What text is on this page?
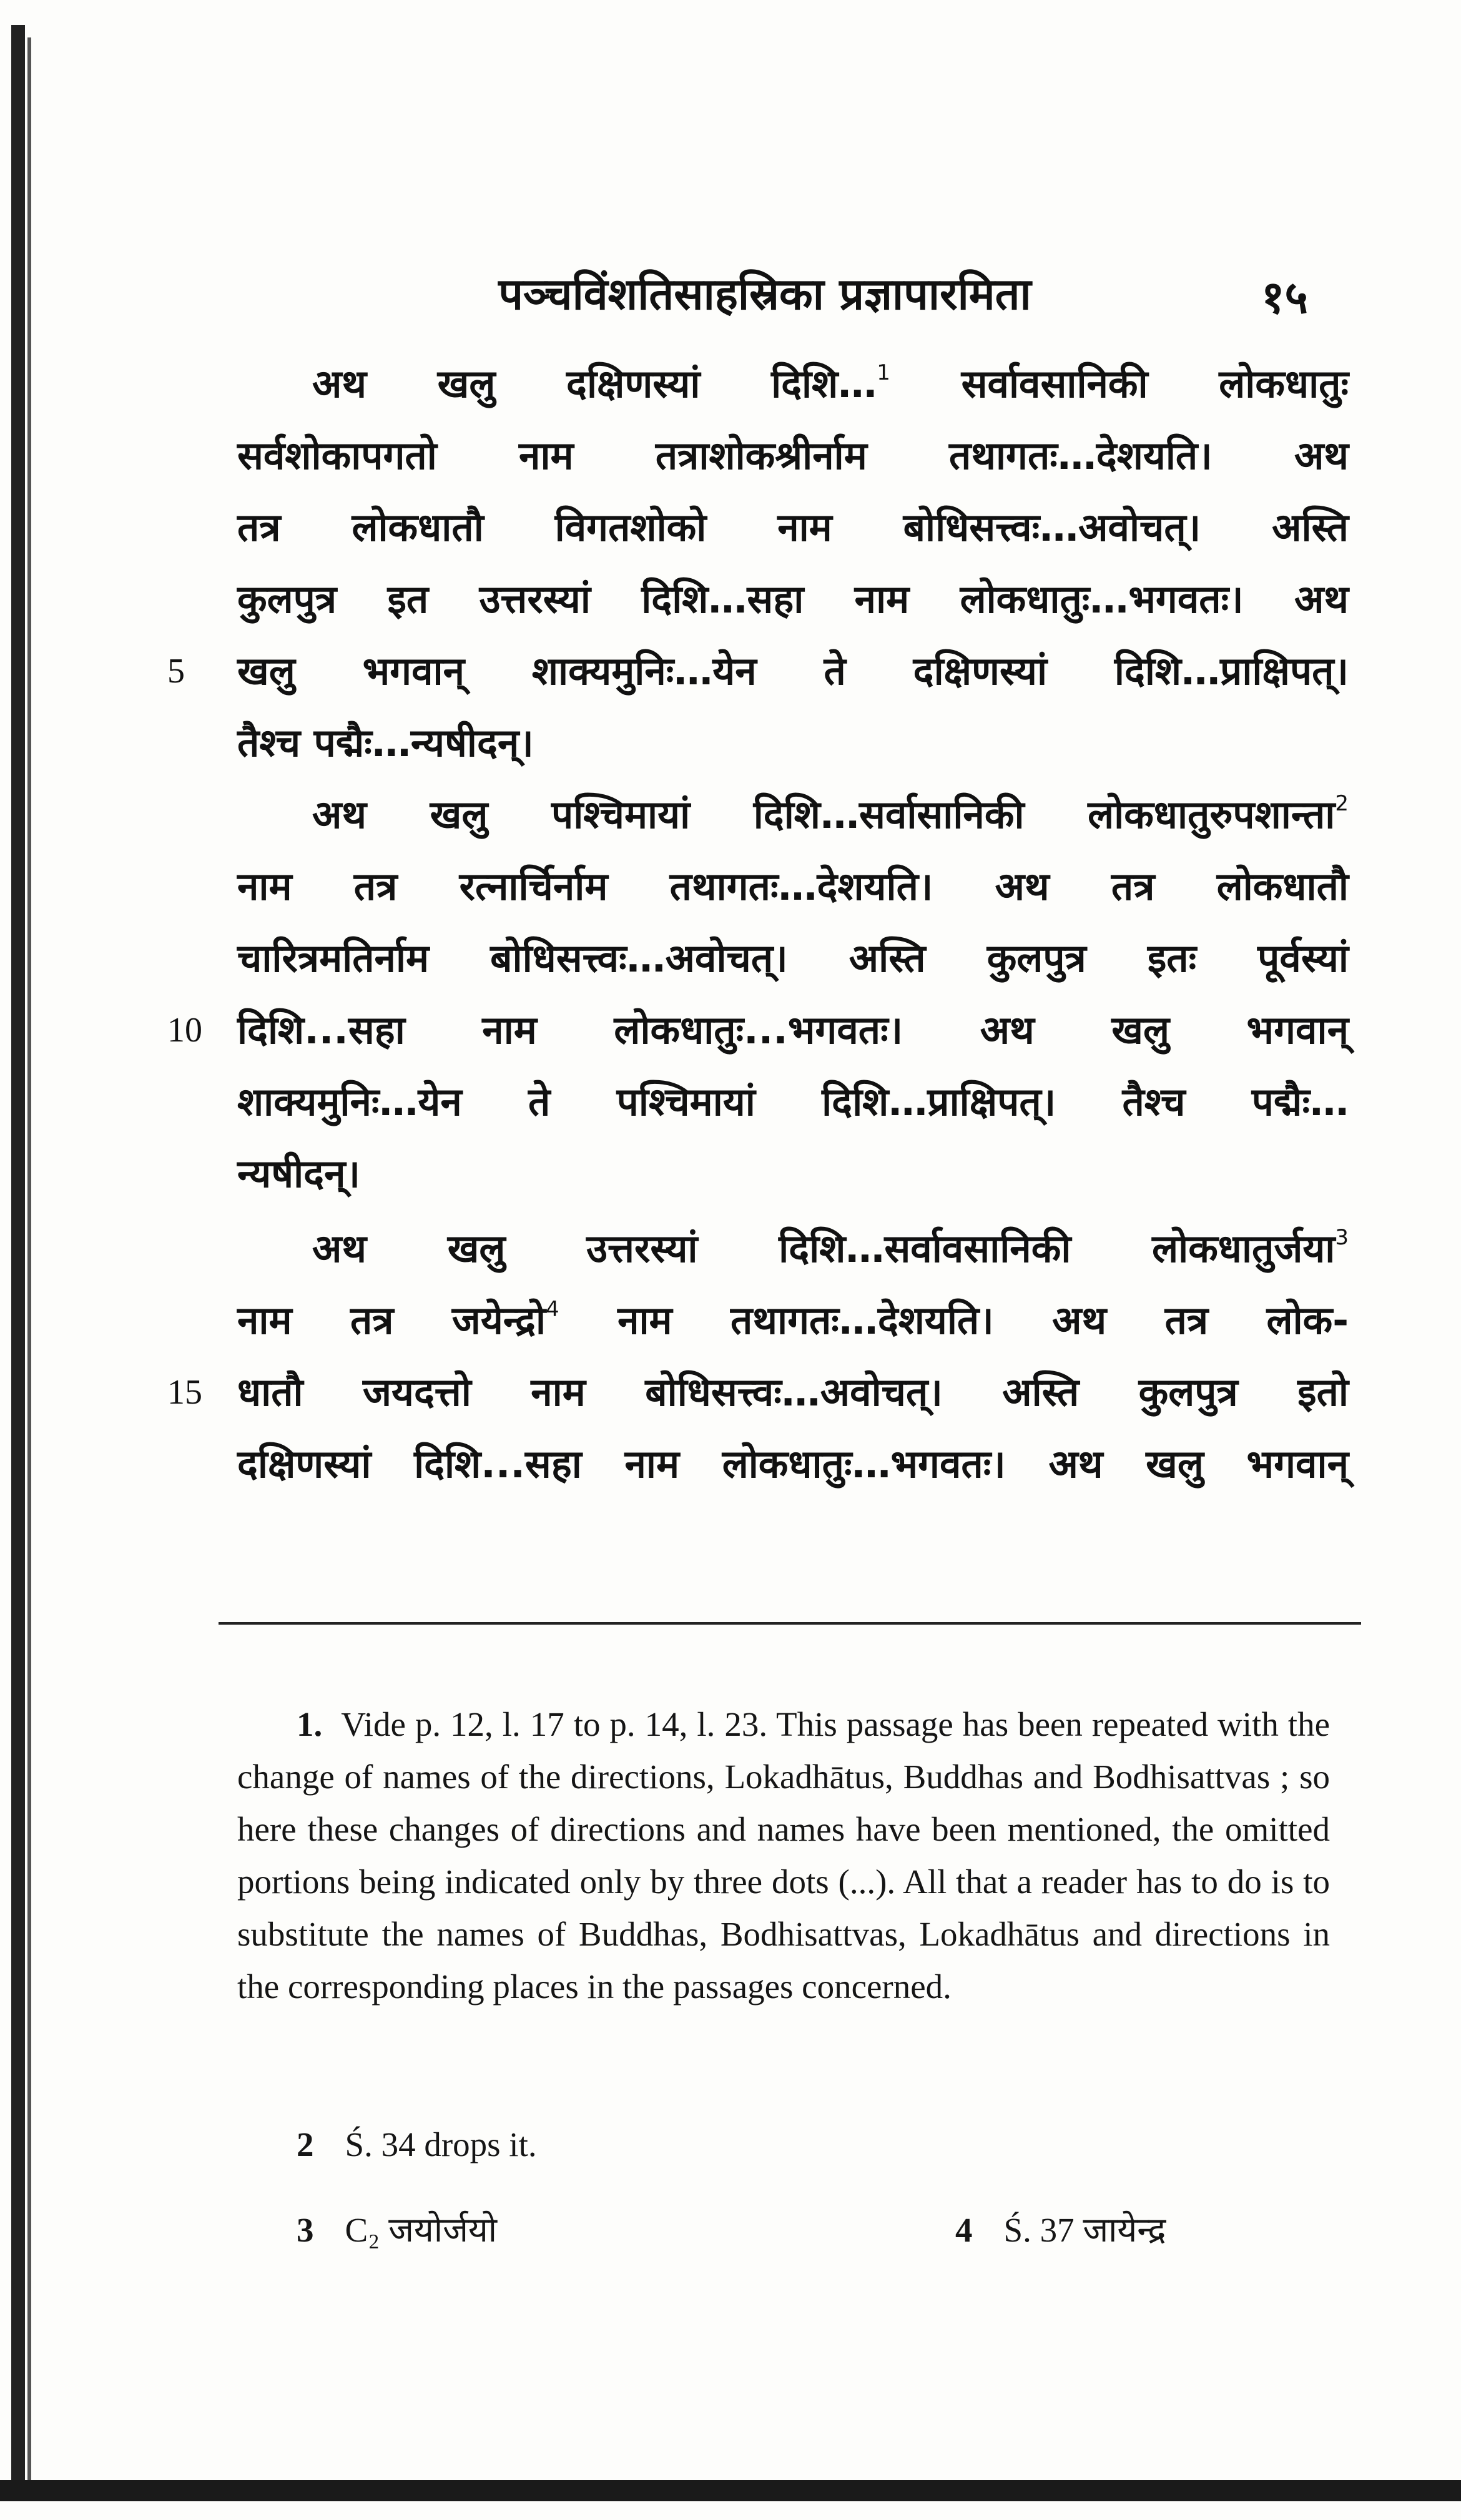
पञ्चविंशतिसाहस्रिका प्रज्ञापारमिता	१५
अथ खलु दक्षिणस्यां दिशि…$^1$ सर्वावसानिकी लोकधातुः
सर्वशोकापगतो नाम तत्राशोकश्रीर्नाम तथागतः…देशयति। अथ
तत्र लोकधातौ विगतशोको नाम बोधिसत्त्वः…अवोचत्। अस्ति
कुलपुत्र इत उत्तरस्यां दिशि…सहा नाम लोकधातुः…भगवतः। अथ
5 खलु भगवान् शाक्यमुनिः…येन ते दक्षिणस्यां दिशि…प्राक्षिपत्।
तैश्च पद्मैः…न्यषीदन्।
अथ खलु पश्चिमायां दिशि…सर्वासानिकी लोकधातुरुपशान्ता$^2$
नाम तत्र रत्नार्चिर्नाम तथागतः…देशयति। अथ तत्र लोकधातौ
चारित्रमतिर्नाम बोधिसत्त्वः…अवोचत्। अस्ति कुलपुत्र इतः पूर्वस्यां
10 दिशि...सहा नाम लोकधातुः...भगवतः। अथ खलु भगवान्
शाक्यमुनिः…येन ते पश्चिमायां दिशि…प्राक्षिपत्। तैश्च पद्मैः…
न्यषीदन्।
अथ खलु उत्तरस्यां दिशि…सर्वावसानिकी लोकधातुर्जया$^3$
नाम तत्र जयेन्द्रो$^4$ नाम तथागतः…देशयति। अथ तत्र लोक-
15 धातौ जयदत्तो नाम बोधिसत्त्वः…अवोचत्। अस्ति कुलपुत्र इतो
दक्षिणस्यां दिशि...सहा नाम लोकधातुः…भगवतः। अथ खलु भगवान्
1. Vide p. 12, l. 17 to p. 14, l. 23. This passage has been repeated with the change of names of the directions, Lokadhātus, Buddhas and Bodhisattvas ; so here these changes of directions and names have been mentioned, the omitted portions being indicated only by three dots (...). All that a reader has to do is to substitute the names of Buddhas, Bodhisattvas, Lokadhātus and directions in the corresponding places in the passages concerned.
2 Ś. 34 drops it.
3 C₂ जयोर्जयो	4 Ś. 37 जायेन्द्र
